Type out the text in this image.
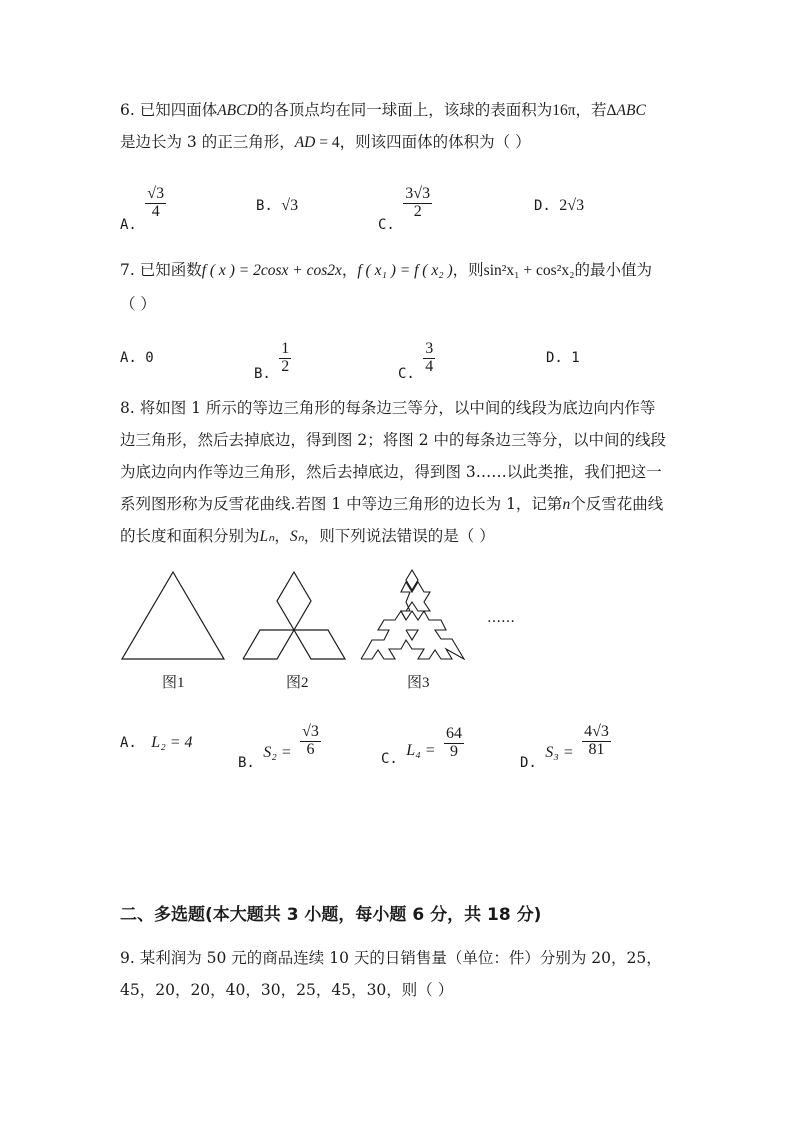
6. 已知四面体ABCD的各顶点均在同一球面上，该球的表面积为16π，若ΔABC
是边长为 3 的正三角形，AD = 4，则该四面体的体积为（ ）
A.
$\frac{√3}{4}$	B. √3
C.
$\frac{3√3}{2}$	D. 2√3
7. 已知函数f ( x ) = 2cosx + cos2x，f ( x₁ ) = f ( x₂ )，则sin²x₁ + cos²x₂的最小值为
（ ）
A. 0
B. $\frac{1}{2}$	C. $\frac{3}{4}$	D. 1
8. 将如图 1 所示的等边三角形的每条边三等分，以中间的线段为底边向内作等
边三角形，然后去掉底边，得到图 2；将图 2 中的每条边三等分，以中间的线段
为底边向内作等边三角形，然后去掉底边，得到图 3……以此类推，我们把这一
系列图形称为反雪花曲线.若图 1 中等边三角形的边长为 1，记第n个反雪花曲线
的长度和面积分别为Lₙ，Sₙ，则下列说法错误的是（ ）
……
图1	图2	图3
A. L₂ = 4
B. $S_2 = \frac{√3}{6}$
C. $L_4 = \frac{64}{9}$
D. $S_3 = \frac{4√3}{81}$
二、多选题(本大题共 3 小题，每小题 6 分，共 18 分)
9. 某利润为 50 元的商品连续 10 天的日销售量（单位：件）分别为 20，25，
45，20，20，40，30，25，45，30，则（ ）
